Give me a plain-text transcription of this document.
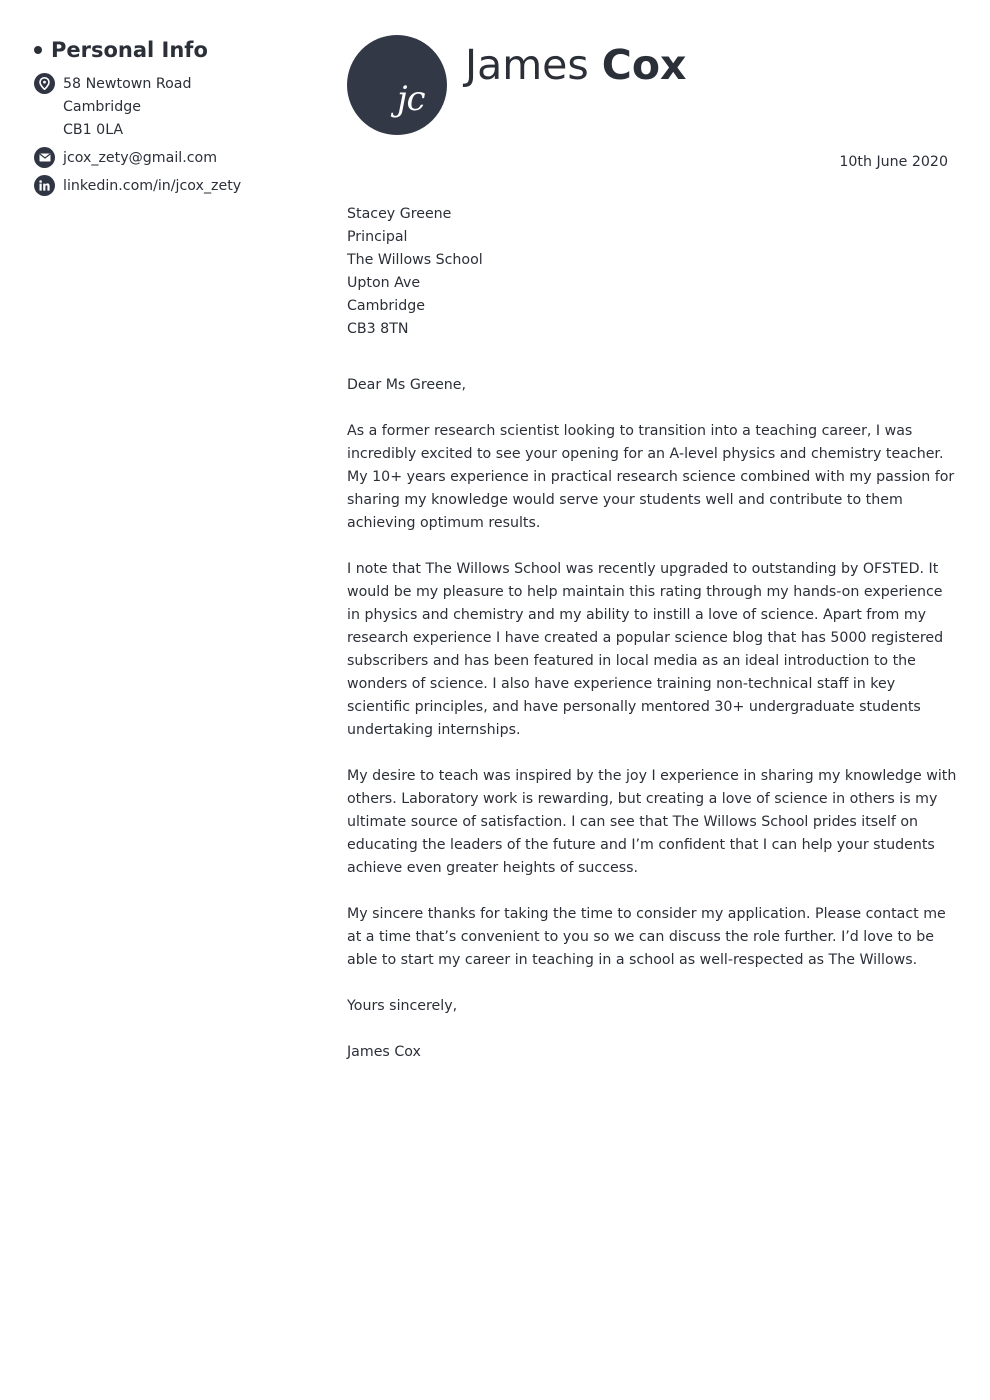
Personal Info
58 Newtown Road
Cambridge
CB1 0LA
jcox_zety@gmail.com
linkedin.com/in/jcox_zety
jc
James Cox
10th June 2020
Stacey Greene
Principal
The Willows School
Upton Ave
Cambridge
CB3 8TN
Dear Ms Greene,
As a former research scientist looking to transition into a teaching career, I was incredibly excited to see your opening for an A-level physics and chemistry teacher. My 10+ years experience in practical research science combined with my passion for sharing my knowledge would serve your students well and contribute to them achieving optimum results.
I note that The Willows School was recently upgraded to outstanding by OFSTED. It would be my pleasure to help maintain this rating through my hands-on experience in physics and chemistry and my ability to instill a love of science. Apart from my research experience I have created a popular science blog that has 5000 registered subscribers and has been featured in local media as an ideal introduction to the wonders of science. I also have experience training non-technical staff in key scientific principles, and have personally mentored 30+ undergraduate students undertaking internships.
My desire to teach was inspired by the joy I experience in sharing my knowledge with others. Laboratory work is rewarding, but creating a love of science in others is my ultimate source of satisfaction. I can see that The Willows School prides itself on educating the leaders of the future and I’m confident that I can help your students achieve even greater heights of success.
My sincere thanks for taking the time to consider my application. Please contact me at a time that’s convenient to you so we can discuss the role further. I’d love to be able to start my career in teaching in a school as well-respected as The Willows.
Yours sincerely,
James Cox
